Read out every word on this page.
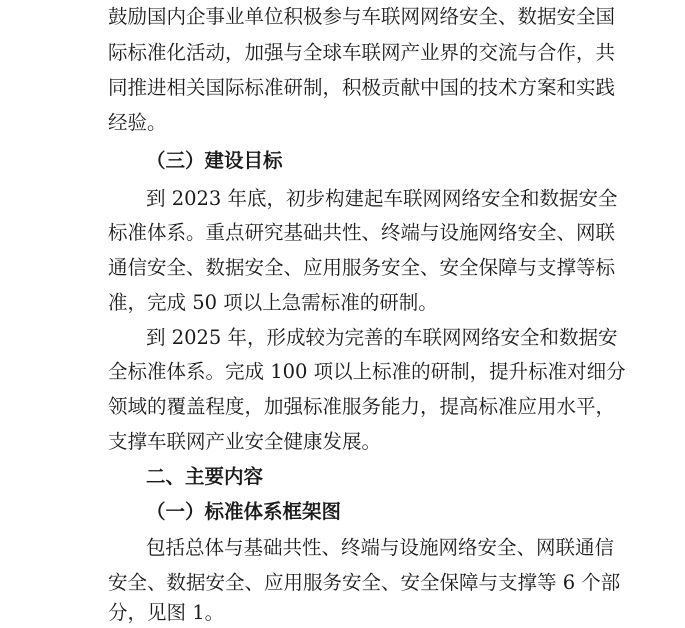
鼓励国内企事业单位积极参与车联网网络安全、数据安全国
际标准化活动，加强与全球车联网产业界的交流与合作，共
同推进相关国际标准研制，积极贡献中国的技术方案和实践
经验。
（三）建设目标
到 2023 年底，初步构建起车联网网络安全和数据安全
标准体系。重点研究基础共性、终端与设施网络安全、网联
通信安全、数据安全、应用服务安全、安全保障与支撑等标
准，完成 50 项以上急需标准的研制。
到 2025 年，形成较为完善的车联网网络安全和数据安
全标准体系。完成 100 项以上标准的研制，提升标准对细分
领域的覆盖程度，加强标准服务能力，提高标准应用水平，
支撑车联网产业安全健康发展。
二、主要内容
（一）标准体系框架图
包括总体与基础共性、终端与设施网络安全、网联通信
安全、数据安全、应用服务安全、安全保障与支撑等 6 个部
分，见图 1。
